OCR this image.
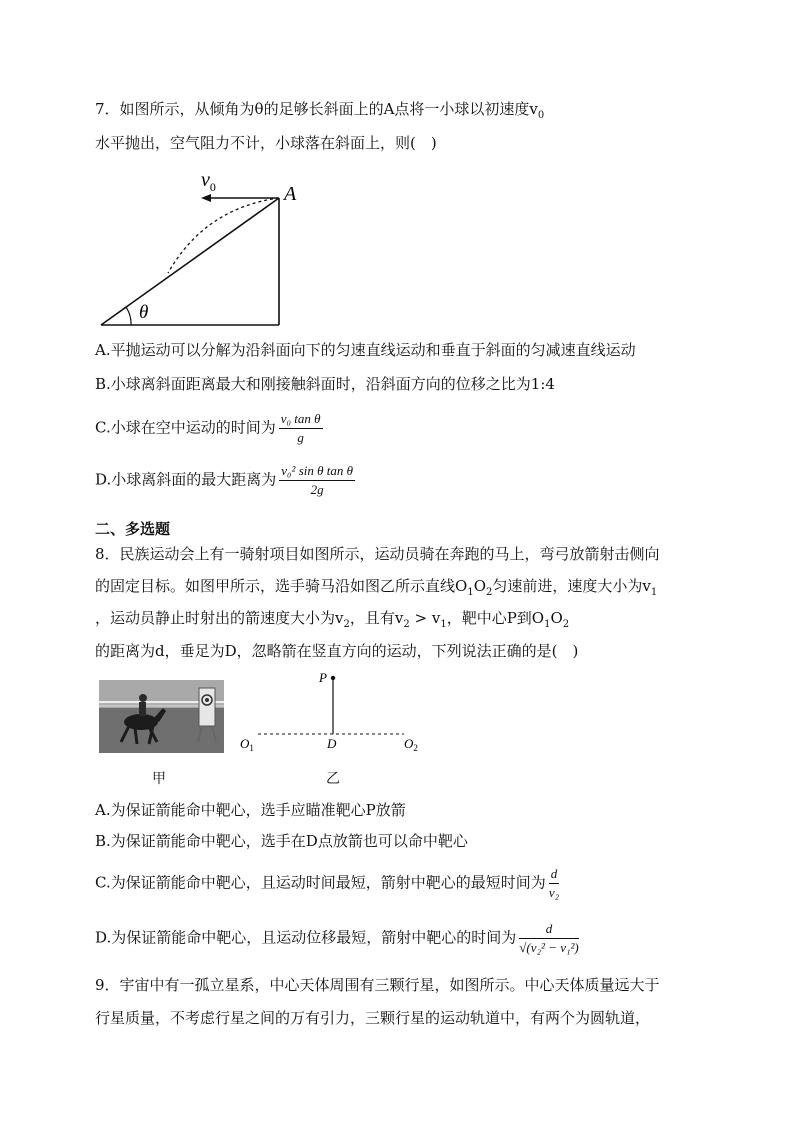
7．如图所示，从倾角为θ的足够长斜面上的A点将一小球以初速度$v_0$
水平抛出，空气阻力不计，小球落在斜面上，则(　)
$v_0$	A
θ
A.平抛运动可以分解为沿斜面向下的匀速直线运动和垂直于斜面的匀减速直线运动
B.小球离斜面距离最大和刚接触斜面时，沿斜面方向的位移之比为1:4
C.小球在空中运动的时间为 $\frac{\text{v₀ tan θ}}{g}$
D.小球离斜面的最大距离为 $\frac{\text{v₀² sin θ tan θ}}{2g}$
二、多选题
8．民族运动会上有一骑射项目如图所示，运动员骑在奔跑的马上，弯弓放箭射击侧向
的固定目标。如图甲所示，选手骑马沿如图乙所示直线$O_1O_2$匀速前进，速度大小为$v_1$
，运动员静止时射出的箭速度大小为$v_2$，且有$v_2 > v_1$，靶中心P到$O_1O_2$
的距离为d，垂足为D，忽略箭在竖直方向的运动，下列说法正确的是(　)
甲
P
D
$O_1$	$O_2$
乙
A.为保证箭能命中靶心，选手应瞄准靶心P放箭
B.为保证箭能命中靶心，选手在D点放箭也可以命中靶心
C.为保证箭能命中靶心，且运动时间最短，箭射中靶心的最短时间为 $\frac{d}{\text{v₂}}$
D.为保证箭能命中靶心，且运动位移最短，箭射中靶心的时间为 $\frac{d}{\text{√(v₂² − v₁²)}}$
9．宇宙中有一孤立星系，中心天体周围有三颗行星，如图所示。中心天体质量远大于
行星质量，不考虑行星之间的万有引力，三颗行星的运动轨道中，有两个为圆轨道，
